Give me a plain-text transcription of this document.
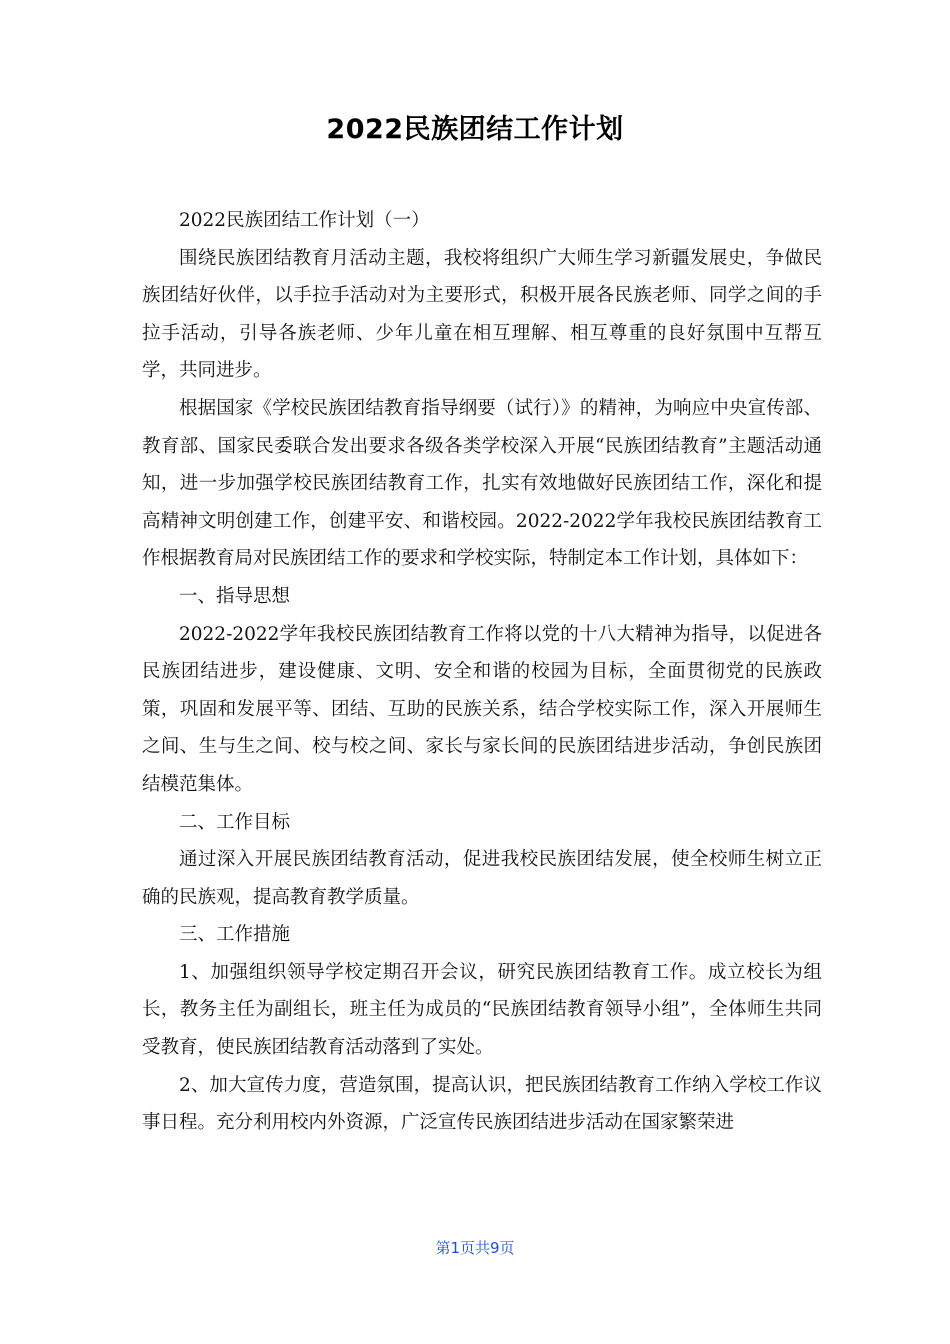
2022民族团结工作计划

2022民族团结工作计划（一）

围绕民族团结教育月活动主题，我校将组织广大师生学习新疆发展史，争做民族团结好伙伴，以手拉手活动对为主要形式，积极开展各民族老师、同学之间的手拉手活动，引导各族老师、少年儿童在相互理解、相互尊重的良好氛围中互帮互学，共同进步。

根据国家《学校民族团结教育指导纲要（试行）》的精神，为响应中央宣传部、教育部、国家民委联合发出要求各级各类学校深入开展“民族团结教育”主题活动通知，进一步加强学校民族团结教育工作，扎实有效地做好民族团结工作，深化和提高精神文明创建工作，创建平安、和谐校园。2022-2022学年我校民族团结教育工作根据教育局对民族团结工作的要求和学校实际，特制定本工作计划，具体如下：

一、指导思想

2022-2022学年我校民族团结教育工作将以党的十八大精神为指导，以促进各民族团结进步，建设健康、文明、安全和谐的校园为目标，全面贯彻党的民族政策，巩固和发展平等、团结、互助的民族关系，结合学校实际工作，深入开展师生之间、生与生之间、校与校之间、家长与家长间的民族团结进步活动，争创民族团结模范集体。

二、工作目标

通过深入开展民族团结教育活动，促进我校民族团结发展，使全校师生树立正确的民族观，提高教育教学质量。

三、工作措施

1、加强组织领导学校定期召开会议，研究民族团结教育工作。成立校长为组长，教务主任为副组长，班主任为成员的“民族团结教育领导小组”，全体师生共同受教育，使民族团结教育活动落到了实处。

2、加大宣传力度，营造氛围，提高认识，把民族团结教育工作纳入学校工作议事日程。充分利用校内外资源，广泛宣传民族团结进步活动在国家繁荣进

第1页共9页
